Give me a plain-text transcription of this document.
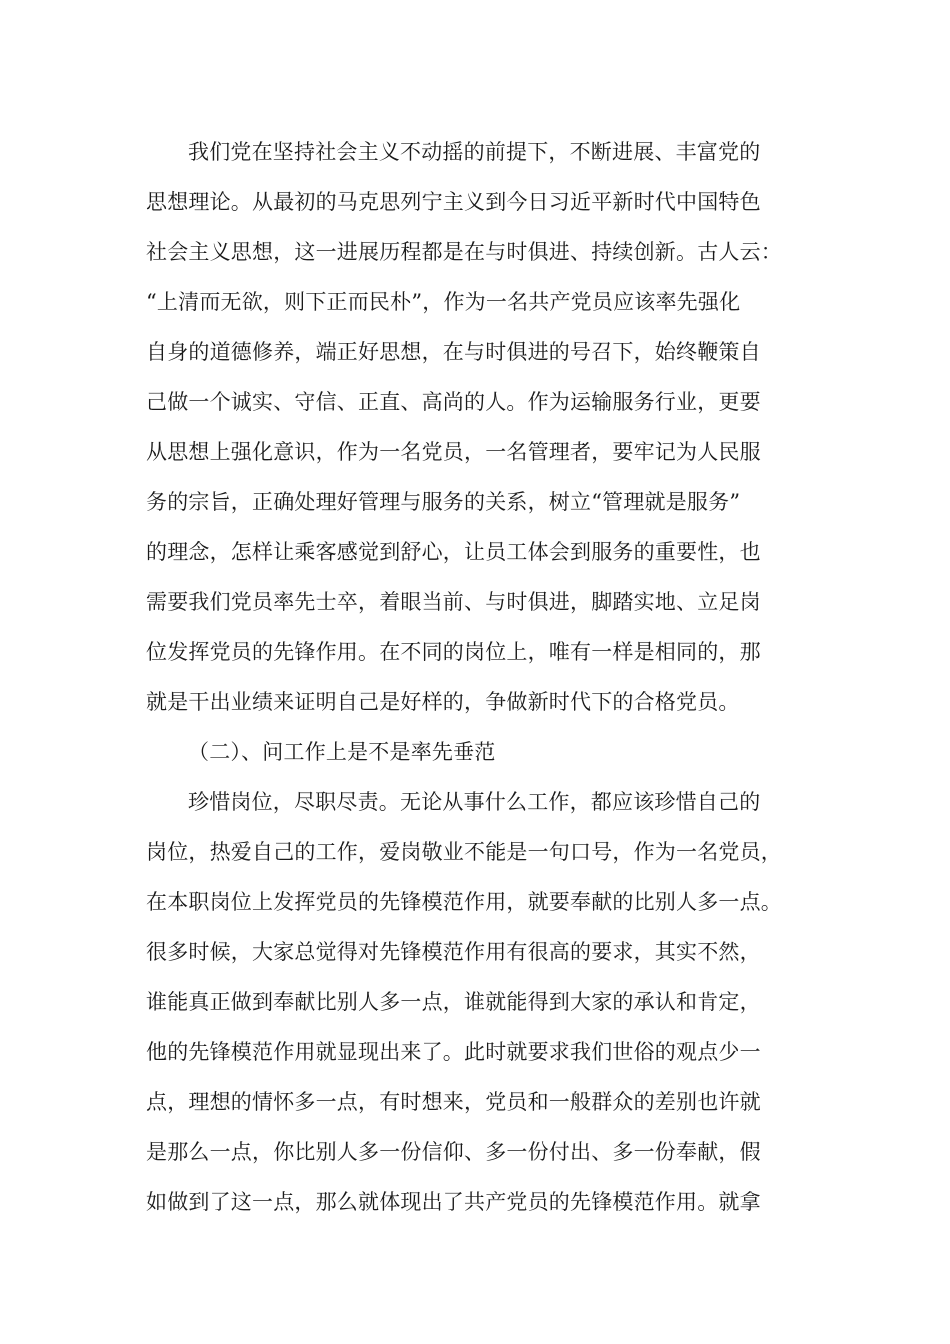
我们党在坚持社会主义不动摇的前提下，不断进展、丰富党的
思想理论。从最初的马克思列宁主义到今日习近平新时代中国特色
社会主义思想，这一进展历程都是在与时俱进、持续创新。古人云：
“上清而无欲，则下正而民朴”，作为一名共产党员应该率先强化
自身的道德修养，端正好思想，在与时俱进的号召下，始终鞭策自
己做一个诚实、守信、正直、高尚的人。作为运输服务行业，更要
从思想上强化意识，作为一名党员，一名管理者，要牢记为人民服
务的宗旨，正确处理好管理与服务的关系，树立“管理就是服务”
的理念，怎样让乘客感觉到舒心，让员工体会到服务的重要性，也
需要我们党员率先士卒，着眼当前、与时俱进，脚踏实地、立足岗
位发挥党员的先锋作用。在不同的岗位上，唯有一样是相同的，那
就是干出业绩来证明自己是好样的，争做新时代下的合格党员。
（二）、问工作上是不是率先垂范
珍惜岗位，尽职尽责。无论从事什么工作，都应该珍惜自己的
岗位，热爱自己的工作，爱岗敬业不能是一句口号，作为一名党员，
在本职岗位上发挥党员的先锋模范作用，就要奉献的比别人多一点。
很多时候，大家总觉得对先锋模范作用有很高的要求，其实不然，
谁能真正做到奉献比别人多一点，谁就能得到大家的承认和肯定，
他的先锋模范作用就显现出来了。此时就要求我们世俗的观点少一
点，理想的情怀多一点，有时想来，党员和一般群众的差别也许就
是那么一点，你比别人多一份信仰、多一份付出、多一份奉献，假
如做到了这一点，那么就体现出了共产党员的先锋模范作用。就拿
